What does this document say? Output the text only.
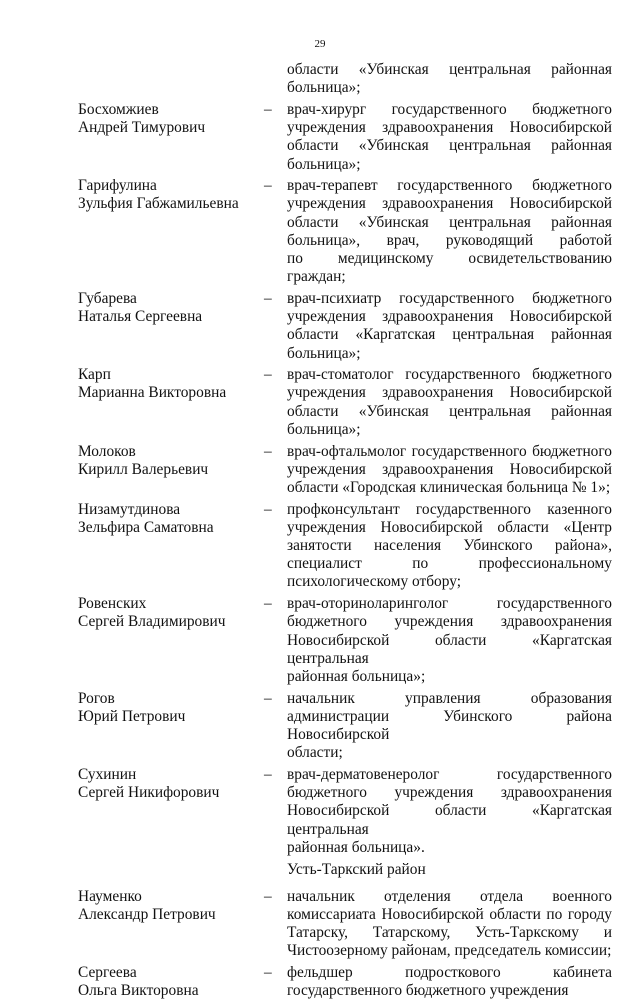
29
области «Убинская центральная районная
больница»;
Босхомжиев
Андрей Тимурович
– врач-хирург государственного бюджетного
учреждения здравоохранения Новосибирской
области «Убинская центральная районная
больница»;
Гарифулина
Зульфия Габжамильевна
– врач-терапевт государственного бюджетного
учреждения здравоохранения Новосибирской
области «Убинская центральная районная
больница», врач, руководящий работой
по медицинскому освидетельствованию граждан;
Губарева
Наталья Сергеевна
– врач-психиатр государственного бюджетного
учреждения здравоохранения Новосибирской
области «Каргатская центральная районная
больница»;
Карп
Марианна Викторовна
– врач-стоматолог государственного бюджетного
учреждения здравоохранения Новосибирской
области «Убинская центральная районная
больница»;
Молоков
Кирилл Валерьевич
– врач-офтальмолог государственного бюджетного
учреждения здравоохранения Новосибирской
области «Городская клиническая больница № 1»;
Низамутдинова
Зельфира Саматовна
– профконсультант государственного казенного
учреждения Новосибирской области «Центр
занятости населения Убинского района»,
специалист по профессиональному
психологическому отбору;
Ровенских
Сергей Владимирович
– врач-оториноларинголог государственного
бюджетного учреждения здравоохранения
Новосибирской области «Каргатская центральная
районная больница»;
Рогов
Юрий Петрович
– начальник управления образования
администрации Убинского района Новосибирской
области;
Сухинин
Сергей Никифорович
– врач-дерматовенеролог государственного
бюджетного учреждения здравоохранения
Новосибирской области «Каргатская центральная
районная больница».
Усть-Таркский район
Науменко
Александр Петрович
– начальник отделения отдела военного
комиссариата Новосибирской области по городу
Татарску, Татарскому, Усть-Таркскому и
Чистоозерному районам, председатель комиссии;
Сергеева
Ольга Викторовна
– фельдшер подросткового кабинета
государственного бюджетного учреждения
